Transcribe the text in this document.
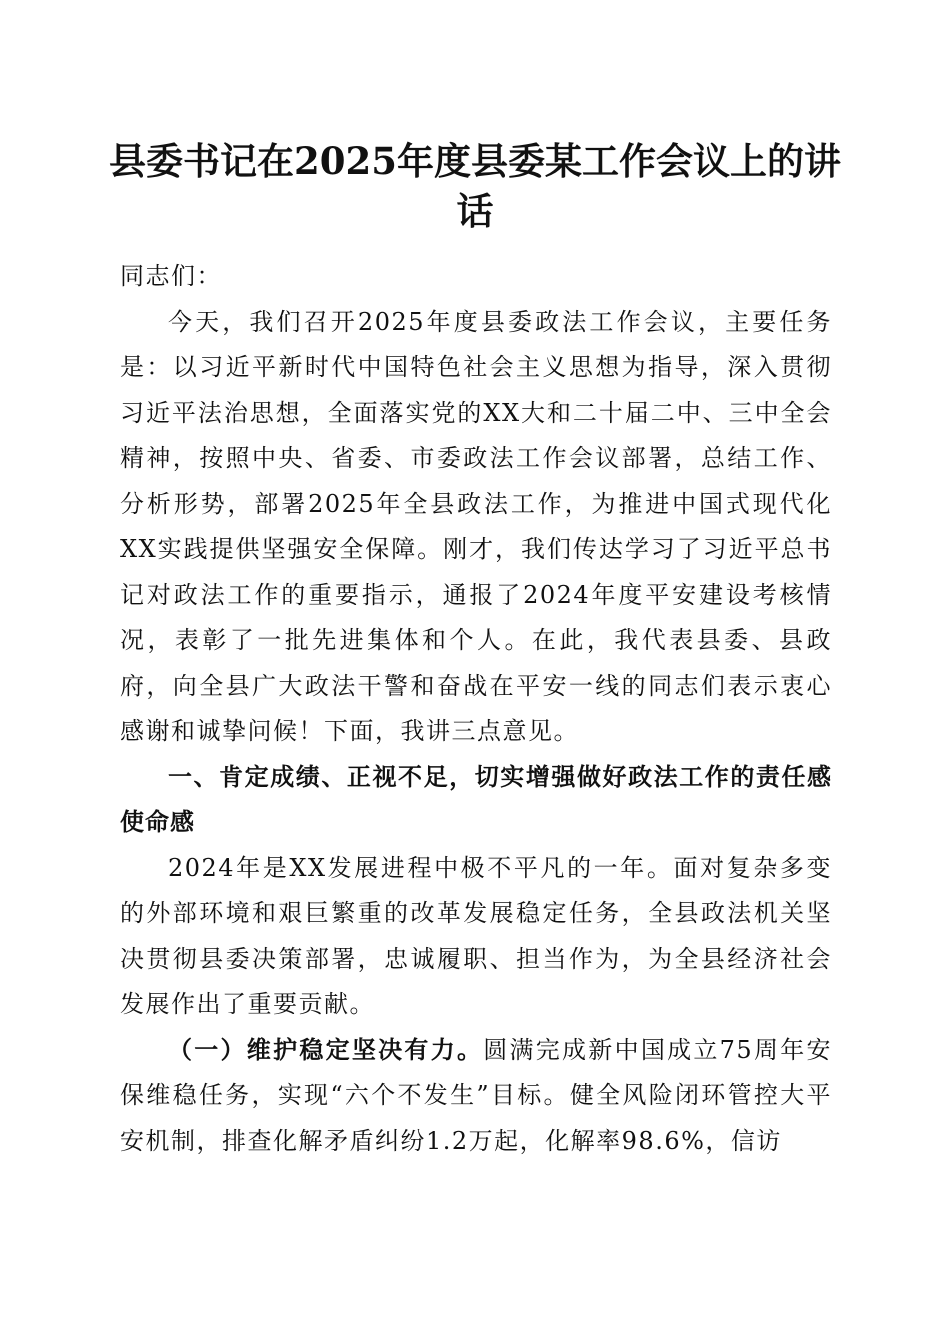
县委书记在2025年度县委某工作会议上的讲话

同志们：

今天，我们召开2025年度县委政法工作会议，主要任务是：以习近平新时代中国特色社会主义思想为指导，深入贯彻习近平法治思想，全面落实党的XX大和二十届二中、三中全会精神，按照中央、省委、市委政法工作会议部署，总结工作、分析形势，部署2025年全县政法工作，为推进中国式现代化XX实践提供坚强安全保障。刚才，我们传达学习了习近平总书记对政法工作的重要指示，通报了2024年度平安建设考核情况，表彰了一批先进集体和个人。在此，我代表县委、县政府，向全县广大政法干警和奋战在平安一线的同志们表示衷心感谢和诚挚问候！下面，我讲三点意见。

一、肯定成绩、正视不足，切实增强做好政法工作的责任感使命感

2024年是XX发展进程中极不平凡的一年。面对复杂多变的外部环境和艰巨繁重的改革发展稳定任务，全县政法机关坚决贯彻县委决策部署，忠诚履职、担当作为，为全县经济社会发展作出了重要贡献。

（一）维护稳定坚决有力。圆满完成新中国成立75周年安保维稳任务，实现“六个不发生”目标。健全风险闭环管控大平安机制，排查化解矛盾纠纷1.2万起，化解率98.6%，信访
